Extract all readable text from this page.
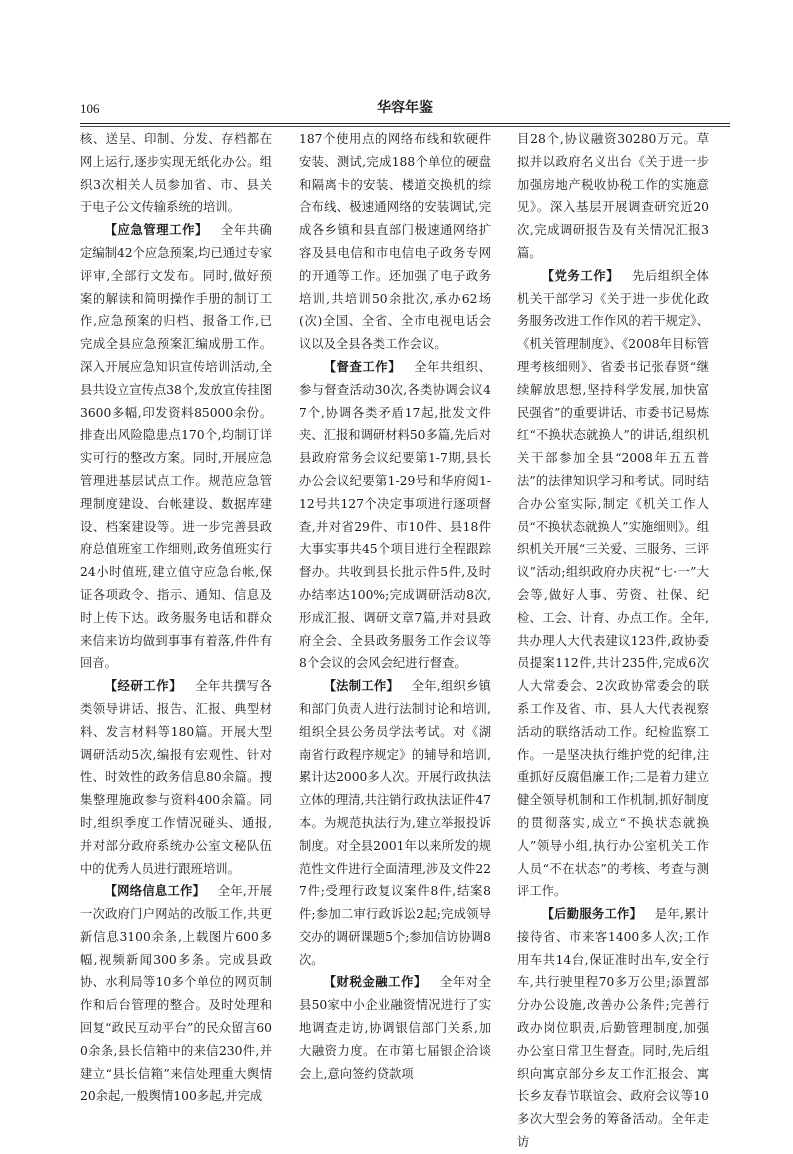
106	华容年鉴

核、送呈、印制、分发、存档都在网上运行,逐步实现无纸化办公。组织3次相关人员参加省、市、县关于电子公文传输系统的培训。

【应急管理工作】  全年共确定编制42个应急预案,均已通过专家评审,全部行文发布。同时,做好预案的解读和简明操作手册的制订工作,应急预案的归档、报备工作,已完成全县应急预案汇编成册工作。深入开展应急知识宣传培训活动,全县共设立宣传点38个,发放宣传挂图3600多幅,印发资料85000余份。排查出风险隐患点170个,均制订详实可行的整改方案。同时,开展应急管理进基层试点工作。规范应急管理制度建设、台帐建设、数据库建设、档案建设等。进一步完善县政府总值班室工作细则,政务值班实行24小时值班,建立值守应急台帐,保证各项政令、指示、通知、信息及时上传下达。政务服务电话和群众来信来访均做到事事有着落,件件有回音。

【经研工作】  全年共撰写各类领导讲话、报告、汇报、典型材料、发言材料等180篇。开展大型调研活动5次,编报有宏观性、针对性、时效性的政务信息80余篇。搜集整理施政参与资料400余篇。同时,组织季度工作情况碰头、通报,并对部分政府系统办公室文秘队伍中的优秀人员进行跟班培训。

【网络信息工作】  全年,开展一次政府门户网站的改版工作,共更新信息3100余条,上载图片600多幅,视频新闻300多条。完成县政协、水利局等10多个单位的网页制作和后台管理的整合。及时处理和回复“政民互动平台”的民众留言600余条,县长信箱中的来信230件,并建立“县长信箱”来信处理重大舆情20余起,一般舆情100多起,并完成

187个使用点的网络布线和软硬件安装、测试,完成188个单位的硬盘和隔离卡的安装、楼道交换机的综合布线、极速通网络的安装调试,完成各乡镇和县直部门极速通网络扩容及县电信和市电信电子政务专网的开通等工作。还加强了电子政务培训,共培训50余批次,承办62场(次)全国、全省、全市电视电话会议以及全县各类工作会议。

【督查工作】  全年共组织、参与督查活动30次,各类协调会议47个,协调各类矛盾17起,批发文件夹、汇报和调研材料50多篇,先后对县政府常务会议纪要第1-7期,县长办公会议纪要第1-29号和华府阅1-12号共127个决定事项进行逐项督查,并对省29件、市10件、县18件大事实事共45个项目进行全程跟踪督办。共收到县长批示件5件,及时办结率达100%;完成调研活动8次,形成汇报、调研文章7篇,并对县政府全会、全县政务服务工作会议等8个会议的会风会纪进行督查。

【法制工作】  全年,组织乡镇和部门负责人进行法制讨论和培训,组织全县公务员学法考试。对《湖南省行政程序规定》的辅导和培训,累计达2000多人次。开展行政执法立体的理清,共注销行政执法证件47本。为规范执法行为,建立举报投诉制度。对全县2001年以来所发的规范性文件进行全面清理,涉及文件227件;受理行政复议案件8件,结案8件;参加二审行政诉讼2起;完成领导交办的调研课题5个;参加信访协调8次。

【财税金融工作】  全年对全县50家中小企业融资情况进行了实地调查走访,协调银信部门关系,加大融资力度。在市第七届银企洽谈会上,意向签约贷款项

目28个,协议融资30280万元。草拟并以政府名义出台《关于进一步加强房地产税收协税工作的实施意见》。深入基层开展调查研究近20次,完成调研报告及有关情况汇报3篇。

【党务工作】  先后组织全体机关干部学习《关于进一步优化政务服务改进工作作风的若干规定》、《机关管理制度》、《2008年目标管理考核细则》、省委书记张春贤“继续解放思想,坚持科学发展,加快富民强省”的重要讲话、市委书记易炼红“不换状态就换人”的讲话,组织机关干部参加全县“2008年五五普法”的法律知识学习和考试。同时结合办公室实际,制定《机关工作人员“不换状态就换人”实施细则》。组织机关开展“三关爱、三服务、三评议”活动;组织政府办庆祝“七·一”大会等,做好人事、劳资、社保、纪检、工会、计育、办点工作。全年,共办理人大代表建议123件,政协委员提案112件,共计235件,完成6次人大常委会、2次政协常委会的联系工作及省、市、县人大代表视察活动的联络活动工作。纪检监察工作。一是坚决执行维护党的纪律,注重抓好反腐倡廉工作;二是着力建立健全领导机制和工作机制,抓好制度的贯彻落实,成立“不换状态就换人”领导小组,执行办公室机关工作人员“不在状态”的考核、考查与测评工作。

【后勤服务工作】  是年,累计接待省、市来客1400多人次;工作用车共14台,保证准时出车,安全行车,共行驶里程70多万公里;添置部分办公设施,改善办公条件;完善行政办岗位职责,后勤管理制度,加强办公室日常卫生督查。同时,先后组织向寓京部分乡友工作汇报会、寓长乡友春节联谊会、政府会议等10多次大型会务的筹备活动。全年走访
